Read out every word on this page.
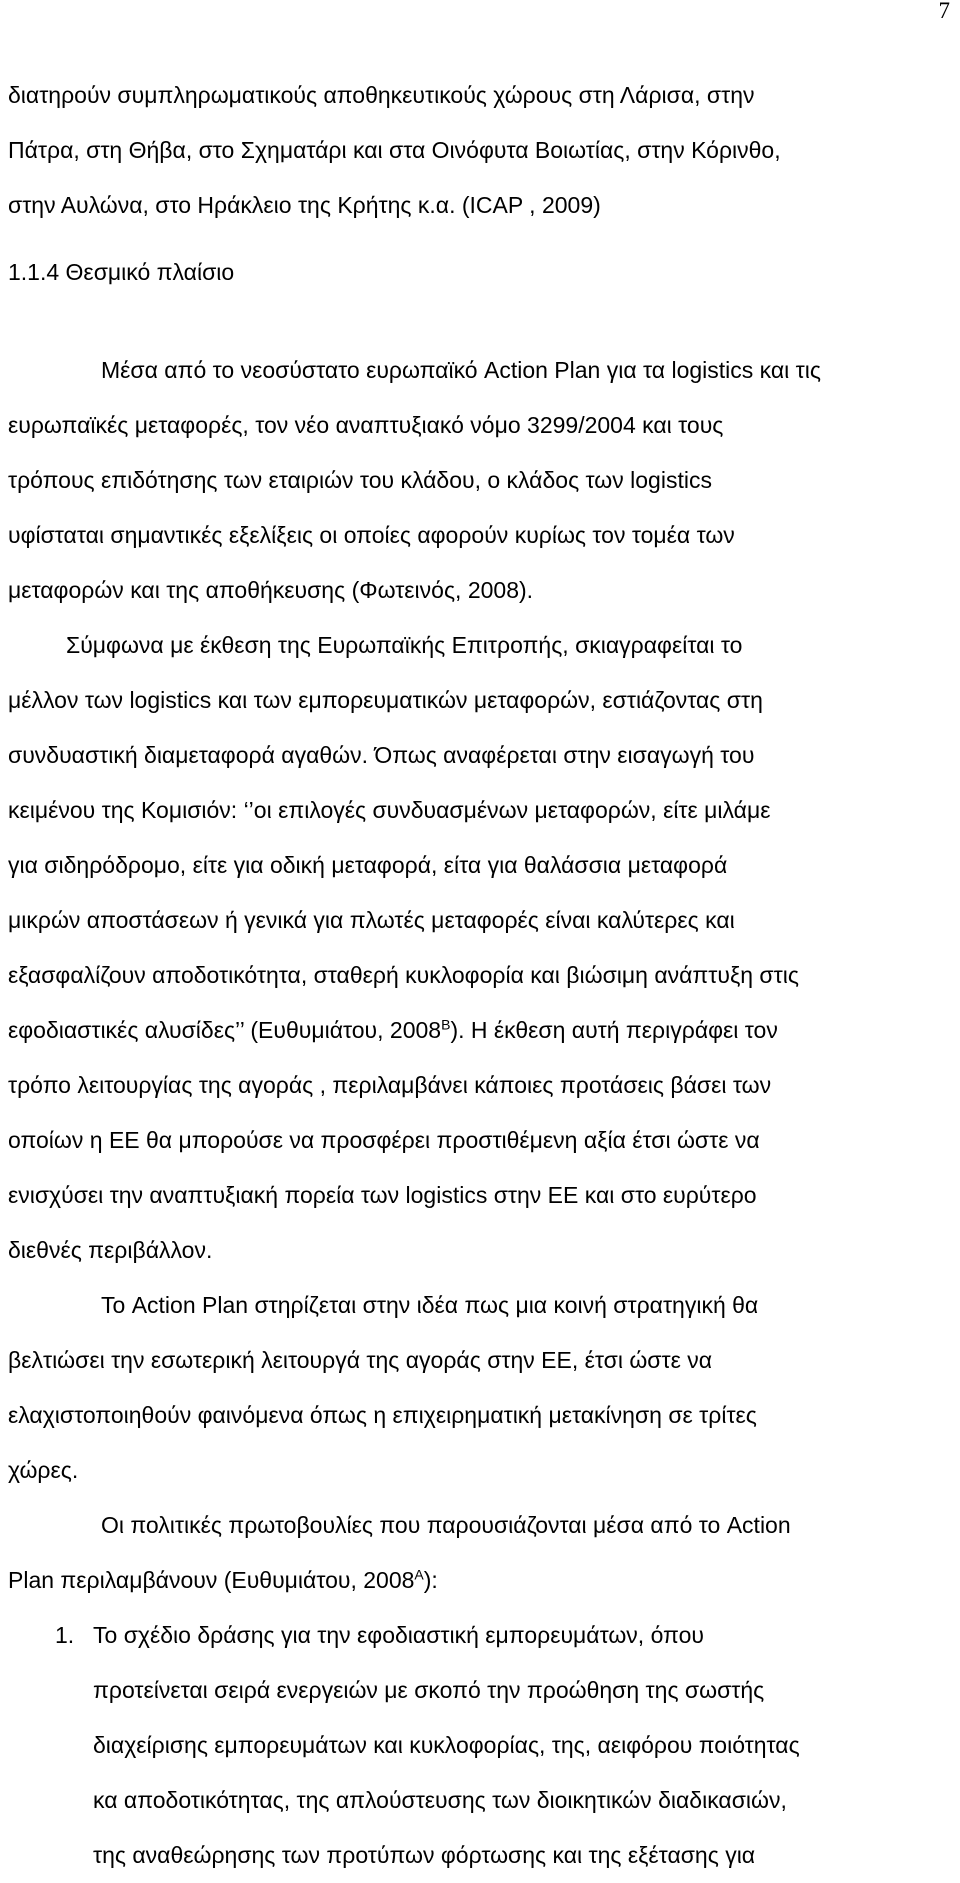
7
διατηρούν συμπληρωματικούς αποθηκευτικούς χώρους στη Λάρισα, στην
Πάτρα, στη Θήβα, στο Σχηματάρι και στα Οινόφυτα Βοιωτίας, στην Κόρινθο,
στην Αυλώνα, στο Ηράκλειο της Κρήτης κ.α. (ICAP , 2009)
1.1.4 Θεσμικό πλαίσιο
Μέσα από το νεοσύστατο ευρωπαϊκό Action Plan για τα logistics και τις
ευρωπαϊκές μεταφορές, τον νέο αναπτυξιακό νόμο 3299/2004 και τους
τρόπους επιδότησης των εταιριών του κλάδου, ο κλάδος των logistics
υφίσταται σημαντικές εξελίξεις οι οποίες αφορούν κυρίως τον τομέα των
μεταφορών και της αποθήκευσης (Φωτεινός, 2008).
Σύμφωνα με έκθεση της Ευρωπαϊκής Επιτροπής, σκιαγραφείται το
μέλλον των logistics και των εμπορευματικών μεταφορών, εστιάζοντας στη
συνδυαστική διαμεταφορά αγαθών. Όπως αναφέρεται στην εισαγωγή του
κειμένου της Κομισιόν: ‘’οι επιλογές συνδυασμένων μεταφορών, είτε μιλάμε
για σιδηρόδρομο, είτε για οδική μεταφορά, είτα για θαλάσσια μεταφορά
μικρών αποστάσεων ή γενικά για πλωτές μεταφορές είναι καλύτερες και
εξασφαλίζουν αποδοτικότητα, σταθερή κυκλοφορία και βιώσιμη ανάπτυξη στις
εφοδιαστικές αλυσίδες’’ (Ευθυμιάτου, $2008^B$). Η έκθεση αυτή περιγράφει τον
τρόπο λειτουργίας της αγοράς , περιλαμβάνει κάποιες προτάσεις βάσει των
οποίων η ΕΕ θα μπορούσε να προσφέρει προστιθέμενη αξία έτσι ώστε να
ενισχύσει την αναπτυξιακή πορεία των logistics στην ΕΕ και στο ευρύτερο
διεθνές περιβάλλον.
Το Action Plan στηρίζεται στην ιδέα πως μια κοινή στρατηγική θα
βελτιώσει την εσωτερική λειτουργά της αγοράς στην ΕΕ, έτσι ώστε να
ελαχιστοποιηθούν φαινόμενα όπως η επιχειρηματική μετακίνηση σε τρίτες
χώρες.
Οι πολιτικές πρωτοβουλίες που παρουσιάζονται μέσα από το Action
Plan περιλαμβάνουν (Ευθυμιάτου, $2008^A$):
1. Το σχέδιο δράσης για την εφοδιαστική εμπορευμάτων, όπου
προτείνεται σειρά ενεργειών με σκοπό την προώθηση της σωστής
διαχείρισης εμπορευμάτων και κυκλοφορίας, της, αειφόρου ποιότητας
κα αποδοτικότητας, της απλούστευσης των διοικητικών διαδικασιών,
της αναθεώρησης των προτύπων φόρτωσης και της εξέτασης για
